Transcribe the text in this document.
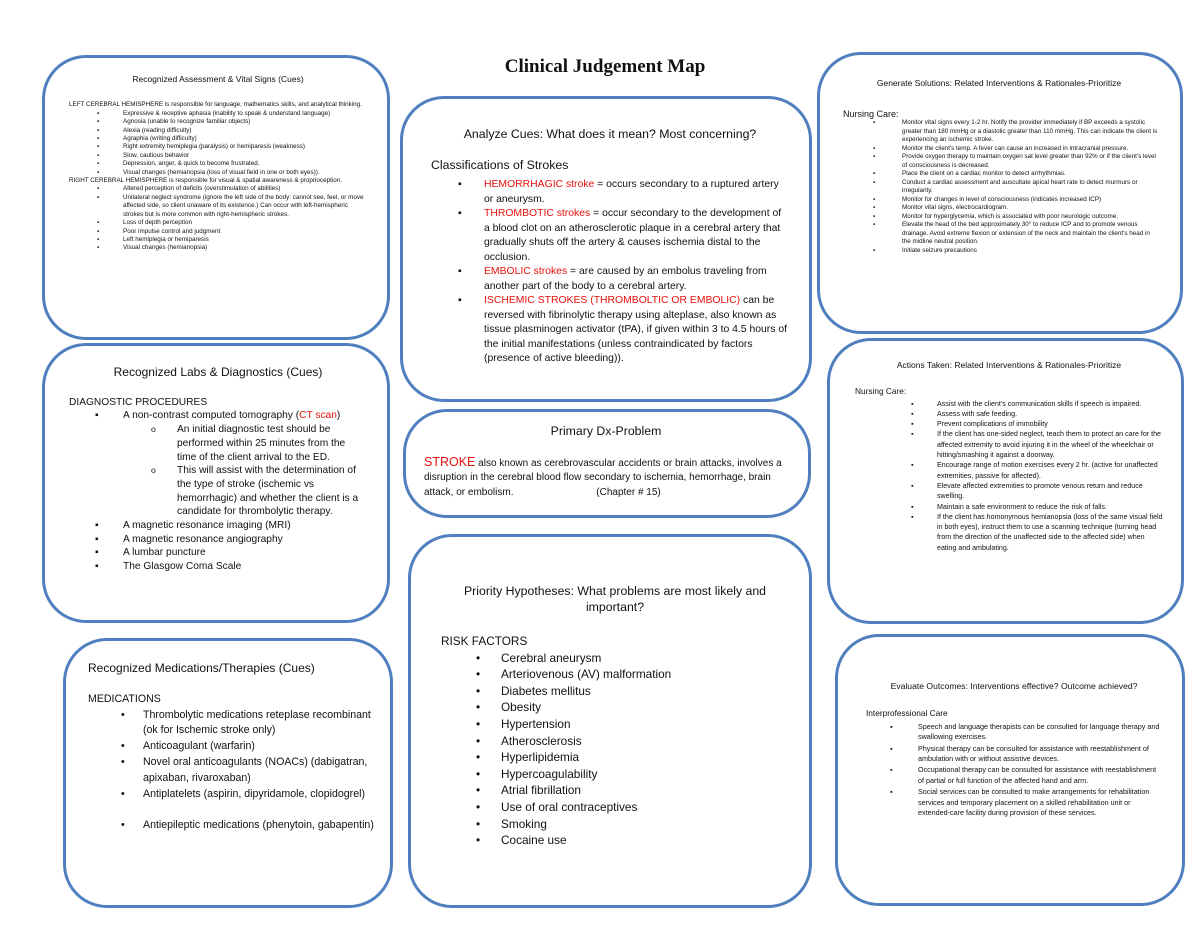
Clinical Judgement Map
Recognized Assessment & Vital Signs (Cues)
LEFT CEREBRAL HEMISPHERE is responsible for language, mathematics skills, and analytical thinking.
▪ Expressive & receptive aphasia (inability to speak & understand language)
▪ Agnosia (unable to recognize familiar objects)
▪ Alexia (reading difficulty)
▪ Agraphia (writing difficulty)
▪ Right extremity hemiplegia (paralysis) or hemiparesis (weakness)
▪ Slow, cautious behavior
▪ Depression, anger, & quick to become frustrated.
▪ Visual changes (hemianopsia (loss of visual field in one or both eyes)).
RIGHT CEREBRAL HEMISPHERE is responsible for visual & spatial awareness & proprioception.
▪ Altered perception of deficits (overstimulation of abilities)
▪ Unilateral neglect syndrome (ignore the left side of the body: cannot see, feel, or move affected side, so client unaware of its existence.) Can occur with left-hemispheric strokes but is more common with right-hemispheric strokes.
▪ Loss of depth perception
▪ Poor impulse control and judgment
▪ Left hemiplegia or hemiparesis
▪ Visual changes (hemianopsia)
Recognized Labs & Diagnostics (Cues)
DIAGNOSTIC PROCEDURES
▪ A non-contrast computed tomography (CT scan)
o An initial diagnostic test should be performed within 25 minutes from the time of the client arrival to the ED.
o This will assist with the determination of the type of stroke (ischemic vs hemorrhagic) and whether the client is a candidate for thrombolytic therapy.
▪ A magnetic resonance imaging (MRI)
▪ A magnetic resonance angiography
▪ A lumbar puncture
▪ The Glasgow Coma Scale
Recognized Medications/Therapies (Cues)
MEDICATIONS
• Thrombolytic medications reteplase recombinant (ok for Ischemic stroke only)
• Anticoagulant (warfarin)
• Novel oral anticoagulants (NOACs) (dabigatran, apixaban, rivaroxaban)
• Antiplatelets (aspirin, dipyridamole, clopidogrel)
• Antiepileptic medications (phenytoin, gabapentin)
Analyze Cues: What does it mean? Most concerning?
Classifications of Strokes
▪ HEMORRHAGIC stroke = occurs secondary to a ruptured artery or aneurysm.
▪ THROMBOTIC strokes = occur secondary to the development of a blood clot on an atherosclerotic plaque in a cerebral artery that gradually shuts off the artery & causes ischemia distal to the occlusion.
▪ EMBOLIC strokes = are caused by an embolus traveling from another part of the body to a cerebral artery.
▪ ISCHEMIC STROKES (THROMBOLTIC OR EMBOLIC) can be reversed with fibrinolytic therapy using alteplase, also known as tissue plasminogen activator (tPA), if given within 3 to 4.5 hours of the initial manifestations (unless contraindicated by factors (presence of active bleeding)).
Primary Dx-Problem
STROKE also known as cerebrovascular accidents or brain attacks, involves a disruption in the cerebral blood flow secondary to ischemia, hemorrhage, brain attack, or embolism.	(Chapter # 15)
Priority Hypotheses: What problems are most likely and important?
RISK FACTORS
• Cerebral aneurysm
• Arteriovenous (AV) malformation
• Diabetes mellitus
• Obesity
• Hypertension
• Atherosclerosis
• Hyperlipidemia
• Hypercoagulability
• Atrial fibrillation
• Use of oral contraceptives
• Smoking
• Cocaine use
Generate Solutions: Related Interventions & Rationales-Prioritize
Nursing Care:
▪ Monitor vital signs every 1-2 hr. Notify the provider immediately if BP exceeds a systolic greater than 180 mmHg or a diastolic greater than 110 mmHg. This can indicate the client is experiencing an ischemic stroke.
▪ Monitor the client's temp. A fever can cause an increased in intracranial pressure.
▪ Provide oxygen therapy to maintain oxygen sat level greater than 92% or if the client's level of consciousness is decreased.
▪ Place the client on a cardiac monitor to detect arrhythmias.
▪ Conduct a cardiac assessment and auscultate apical heart rate to detect murmurs or irregularity.
▪ Monitor for changes in level of consciousness (indicates increased ICP)
▪ Monitor vital signs, electrocardiogram.
▪ Monitor for hyperglycemia, which is associated with poor neurologic outcome.
▪ Elevate the head of the bed approximately 30° to reduce ICP and to promote venous drainage. Avoid extreme flexion or extension of the neck and maintain the client's head in the midline neutral position.
▪ Initiate seizure precautions
Actions Taken: Related Interventions & Rationales-Prioritize
Nursing Care:
▪ Assist with the client's communication skills if speech is impaired.
▪ Assess with safe feeding.
▪ Prevent complications of immobility
▪ If the client has one-sided neglect, teach them to protect an care for the affected extremity to avoid injuring it in the wheel of the wheelchair or hitting/smashing it against a doorway.
▪ Encourage range of motion exercises every 2 hr. (active for unaffected extremities, passive for affected).
▪ Elevate affected extremities to promote venous return and reduce swelling.
▪ Maintain a safe environment to reduce the risk of falls.
▪ If the client has homonymous hemianopsia (loss of the same visual field in both eyes), instruct them to use a scanning technique (turning head from the direction of the unaffected side to the affected side) when eating and ambulating.
Evaluate Outcomes: Interventions effective? Outcome achieved?
Interprofessional Care
▪ Speech and language therapists can be consulted for language therapy and swallowing exercises.
▪ Physical therapy can be consulted for assistance with reestablishment of ambulation with or without assistive devices.
▪ Occupational therapy can be consulted for assistance with reestablishment of partial or full function of the affected hand and arm.
▪ Social services can be consulted to make arrangements for rehabilitation services and temporary placement on a skilled rehabilitation unit or extended-care facility during provision of these services.
